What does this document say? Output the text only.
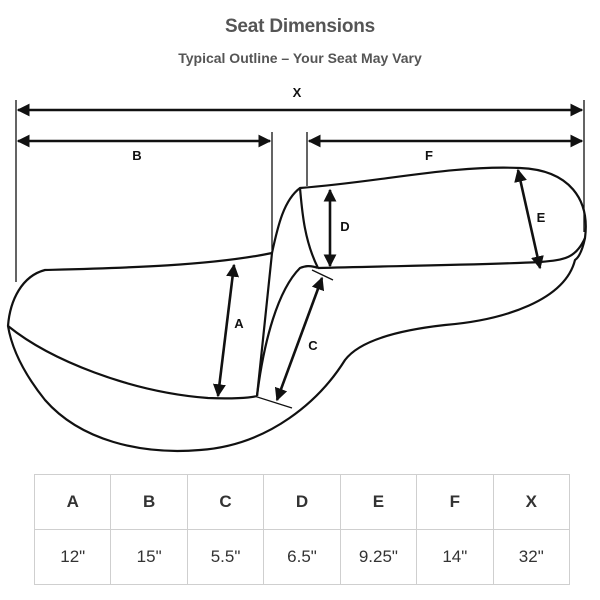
Seat Dimensions
Typical Outline – Your Seat May Vary
X
B	F
D
E
A
C
A	B	C	D	E	F	X
12"	15"	5.5"	6.5"	9.25"	14"	32"
